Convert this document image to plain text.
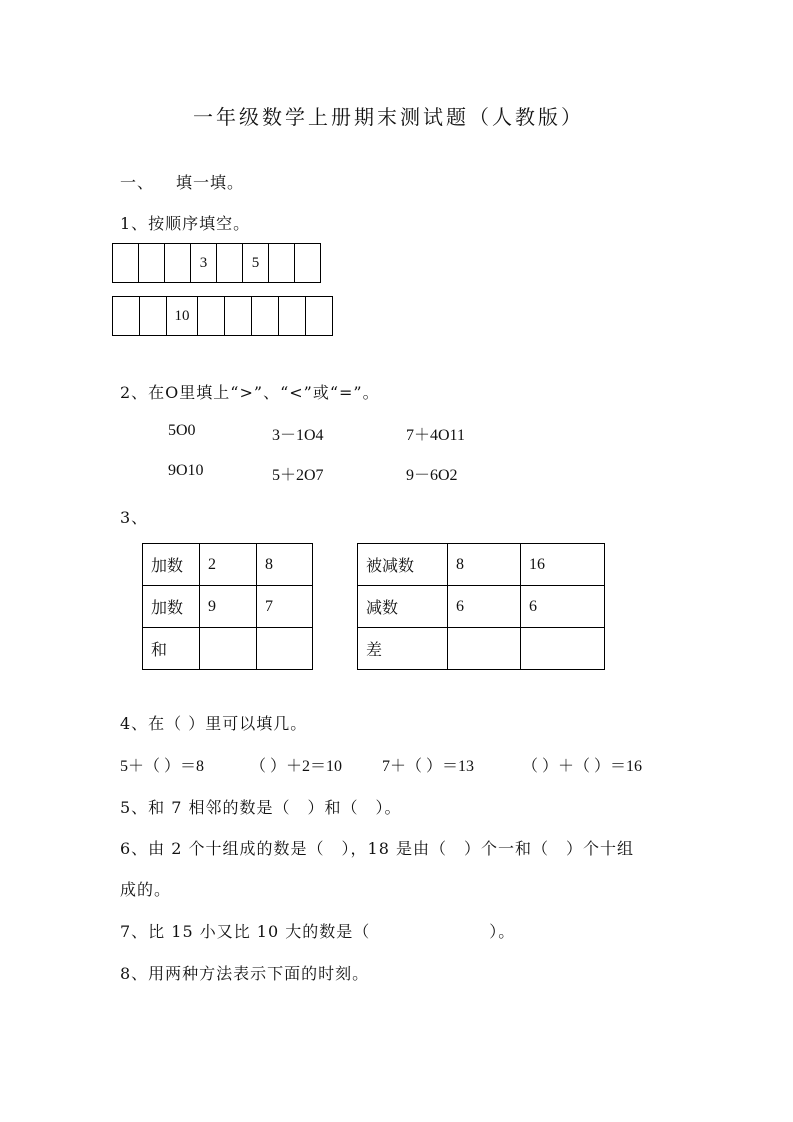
一年级数学上册期末测试题（人教版）
一、 填一填。
1、按顺序填空。
3	5
10
2、在O里填上“>”、“<”或“=”。
5O0	3－1O4	7＋4O11
9O10	5＋2O7	9－6O2
3、
加数	2	8
加数	9	7
和		
被减数	8	16
减数	6	6
差		
4、在（ ）里可以填几。
5＋（ ）＝8	（ ）＋2＝10 7＋（ ）＝13	（ ）＋（ ）＝16
5、和 7 相邻的数是（　）和（　）。
6、由 2 个十组成的数是（　），18 是由（　）个一和（　）个十组
成的。
7、比 15 小又比 10 大的数是（　　　　　　　）。
8、用两种方法表示下面的时刻。
